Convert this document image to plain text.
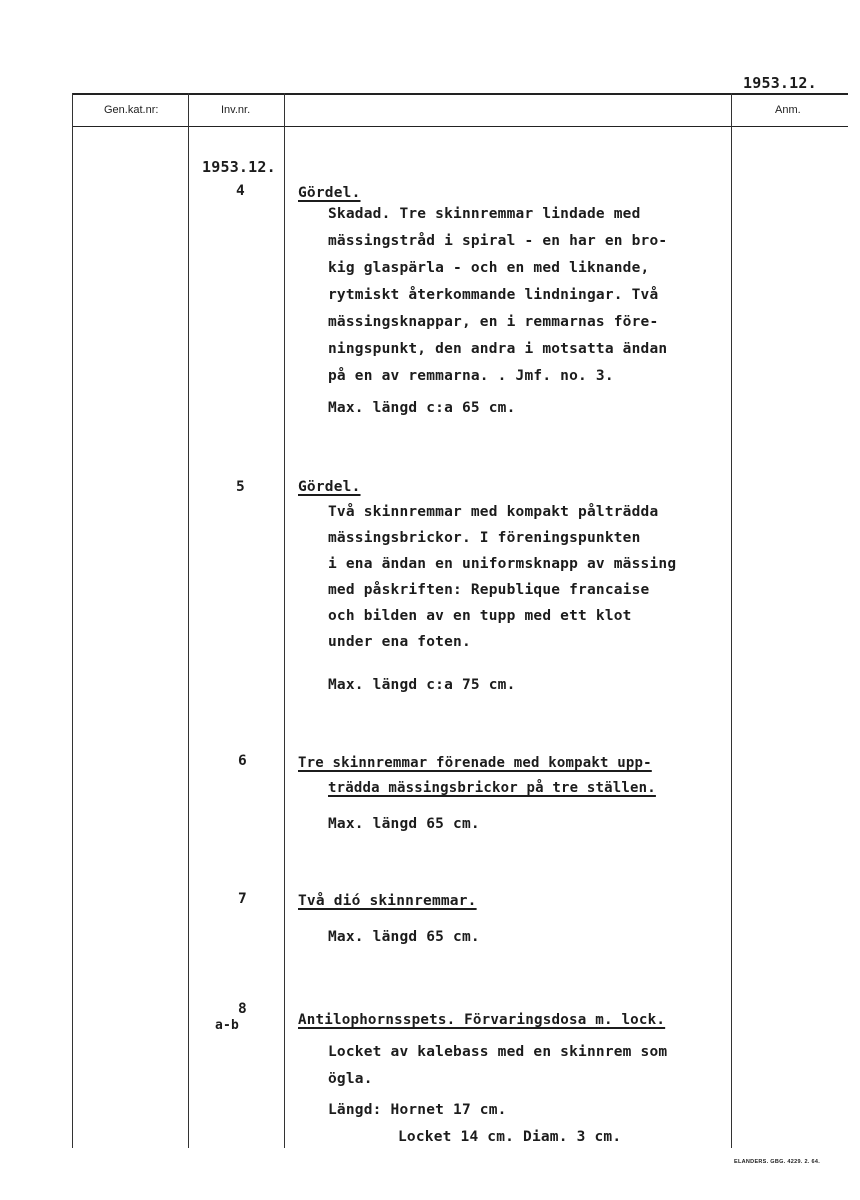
1953.12.
Gen.kat.nr:	Inv.nr.	Anm.
1953.12.
4	Gördel.
Skadad. Tre skinnremmar lindade med
mässingstråd i spiral - en har en bro-
kig glaspärla - och en med liknande,
rytmiskt återkommande lindningar. Två
mässingsknappar, en i remmarnas före-
ningspunkt, den andra i motsatta ändan
på en av remmarna. . Jmf. no. 3.
Max. längd c:a 65 cm.
5	Gördel.
Två skinnremmar med kompakt pålträdda
mässingsbrickor. I föreningspunkten
i ena ändan en uniformsknapp av mässing
med påskriften: Republique francaise
och bilden av en tupp med ett klot
under ena foten.
Max. längd c:a 75 cm.
6	Tre skinnremmar förenade med kompakt upp-
trädda mässingsbrickor på tre ställen.
Max. längd 65 cm.
7	Två dió skinnremmar.
Max. längd 65 cm.
8
a-b	Antilophornsspets. Förvaringsdosa m. lock.
Locket av kalebass med en skinnrem som
ögla.
Längd: Hornet 17 cm.
Locket 14 cm. Diam. 3 cm.
ELANDERS. GBG. 4229. 2. 64.
